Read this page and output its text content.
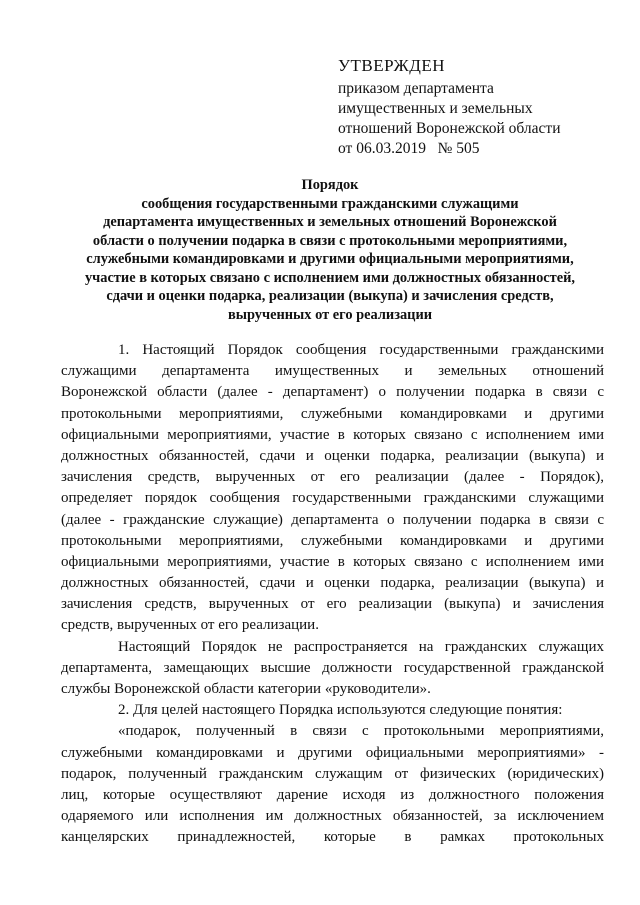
УТВЕРЖДЕН
приказом департамента
имущественных и земельных
отношений Воронежской области
от 06.03.2019   № 505
Порядок
сообщения государственными гражданскими служащими
департамента имущественных и земельных отношений Воронежской
области о получении подарка в связи с протокольными мероприятиями,
служебными командировками и другими официальными мероприятиями,
участие в которых связано с исполнением ими должностных обязанностей,
сдачи и оценки подарка, реализации (выкупа) и зачисления средств,
вырученных от его реализации
1. Настоящий Порядок сообщения государственными гражданскими
служащими департамента имущественных и земельных отношений
Воронежской области (далее - департамент) о получении подарка в связи с
протокольными мероприятиями, служебными командировками и другими
официальными мероприятиями, участие в которых связано с исполнением ими
должностных обязанностей, сдачи и оценки подарка, реализации (выкупа) и
зачисления средств, вырученных от его реализации (далее - Порядок),
определяет порядок сообщения государственными гражданскими служащими
(далее - гражданские служащие) департамента о получении подарка в связи с
протокольными мероприятиями, служебными командировками и другими
официальными мероприятиями, участие в которых связано с исполнением ими
должностных обязанностей, сдачи и оценки подарка, реализации (выкупа) и
зачисления средств, вырученных от его реализации (выкупа) и зачисления
средств, вырученных от его реализации.
Настоящий Порядок не распространяется на гражданских служащих
департамента, замещающих высшие должности государственной гражданской
службы Воронежской области категории «руководители».
2. Для целей настоящего Порядка используются следующие понятия:
«подарок, полученный в связи с протокольными мероприятиями,
служебными командировками и другими официальными мероприятиями» -
подарок, полученный гражданским служащим от физических (юридических)
лиц, которые осуществляют дарение исходя из должностного положения
одаряемого или исполнения им должностных обязанностей, за исключением
канцелярских принадлежностей, которые в рамках протокольных
